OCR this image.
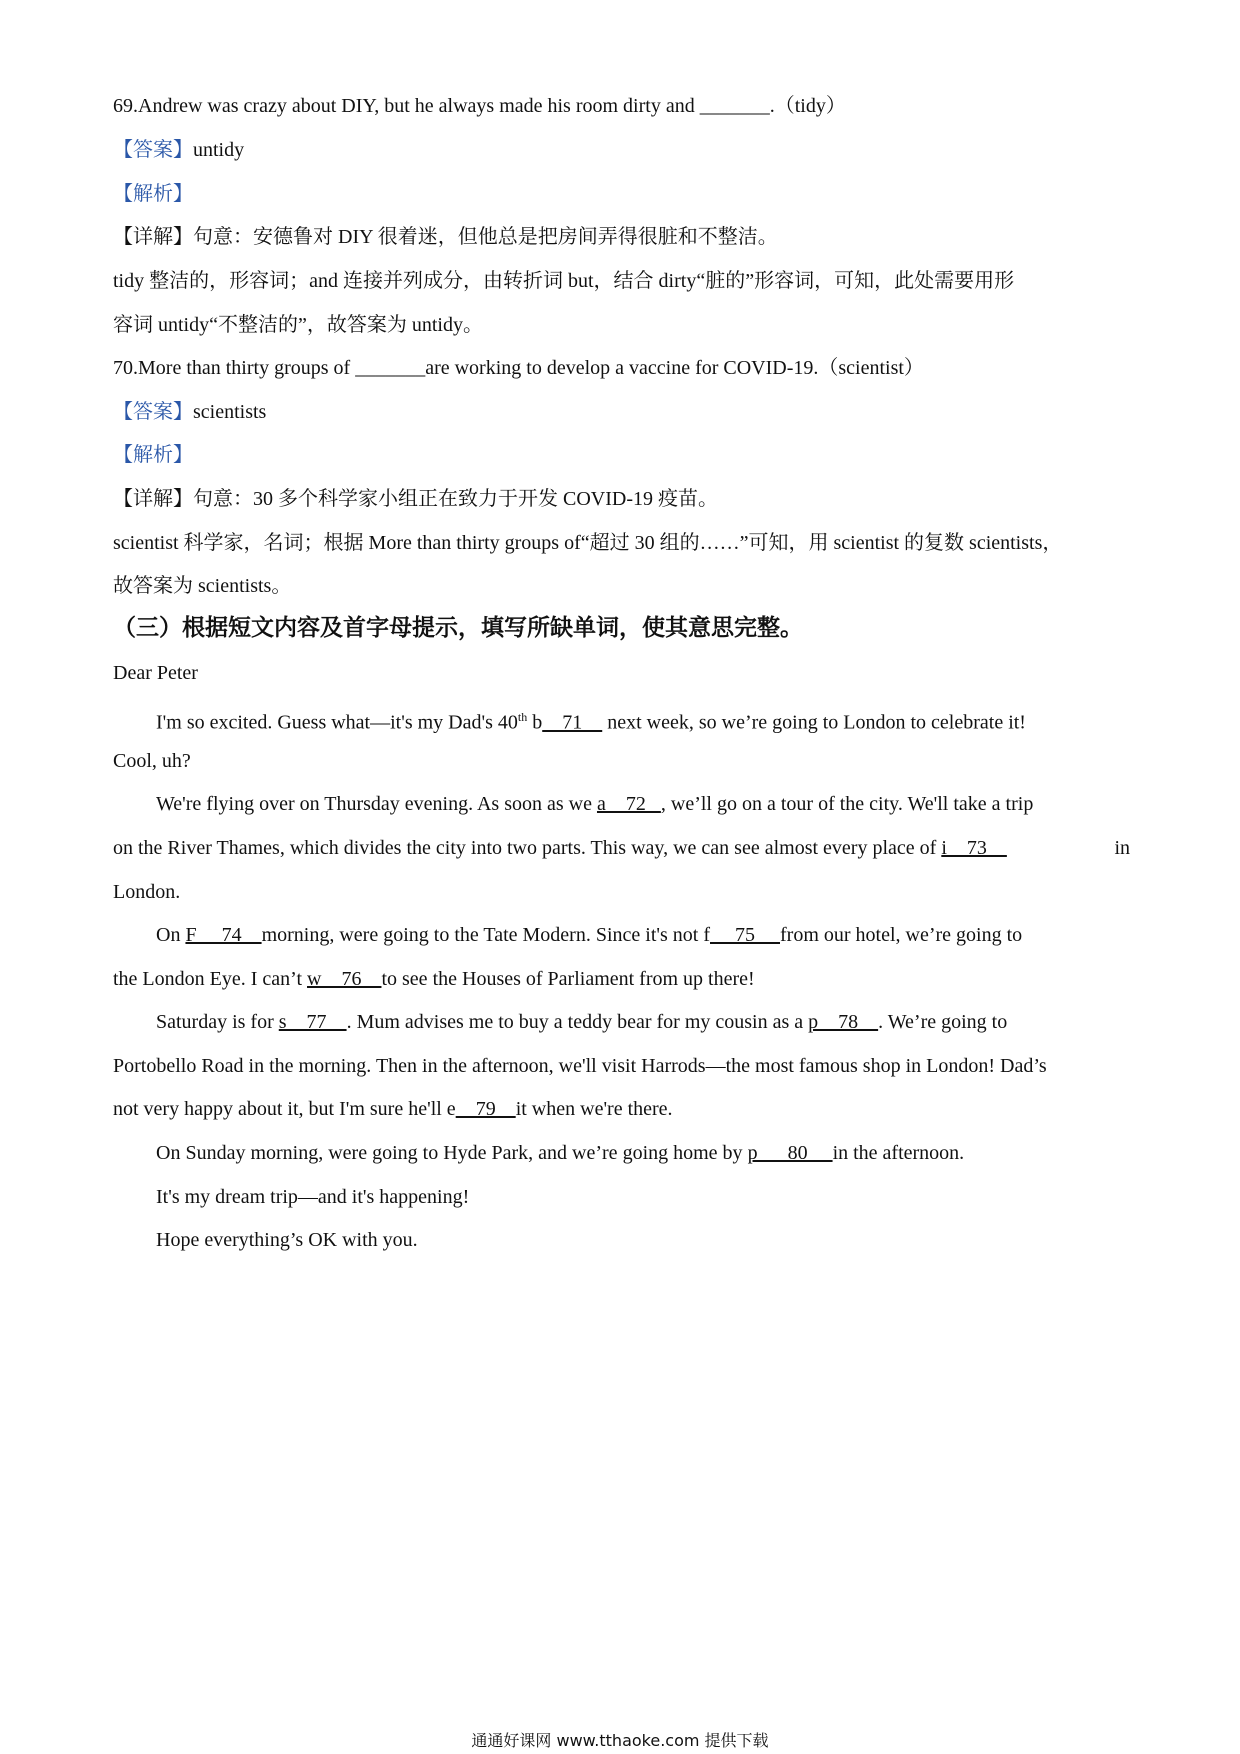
69.Andrew was crazy about DIY, but he always made his room dirty and _______.（tidy）
【答案】untidy
【解析】
【详解】句意：安德鲁对 DIY 很着迷，但他总是把房间弄得很脏和不整洁。
tidy 整洁的，形容词；and 连接并列成分，由转折词 but，结合 dirty“脏的”形容词，可知，此处需要用形
容词 untidy“不整洁的”，故答案为 untidy。
70.More than thirty groups of _______are working to develop a vaccine for COVID-19.（scientist）
【答案】scientists
【解析】
【详解】句意：30 多个科学家小组正在致力于开发 COVID-19 疫苗。
scientist 科学家，名词；根据 More than thirty groups of“超过 30 组的……”可知，用 scientist 的复数 scientists，
故答案为 scientists。
（三）根据短文内容及首字母提示，填写所缺单词，使其意思完整。
Dear Peter
I'm so excited. Guess what—it's my Dad's 40th b    71     next week, so we’re going to London to celebrate it!
Cool, uh?
We're flying over on Thursday evening. As soon as we a    72   , we’ll go on a tour of the city. We'll take a trip
on the River Thames, which divides the city into two parts. This way, we can see almost every place of i    73	in
London.
On F     74    morning, were going to the Tate Modern. Since it's not f     75     from our hotel, we’re going to
the London Eye. I can’t w    76    to see the Houses of Parliament from up there!
Saturday is for s    77    . Mum advises me to buy a teddy bear for my cousin as a p    78    . We’re going to
Portobello Road in the morning. Then in the afternoon, we'll visit Harrods—the most famous shop in London! Dad’s
not very happy about it, but I'm sure he'll e    79    it when we're there.
On Sunday morning, were going to Hyde Park, and we’re going home by p      80     in the afternoon.
It's my dream trip—and it's happening!
Hope everything’s OK with you.
通通好课网 www.tthaoke.com 提供下载
